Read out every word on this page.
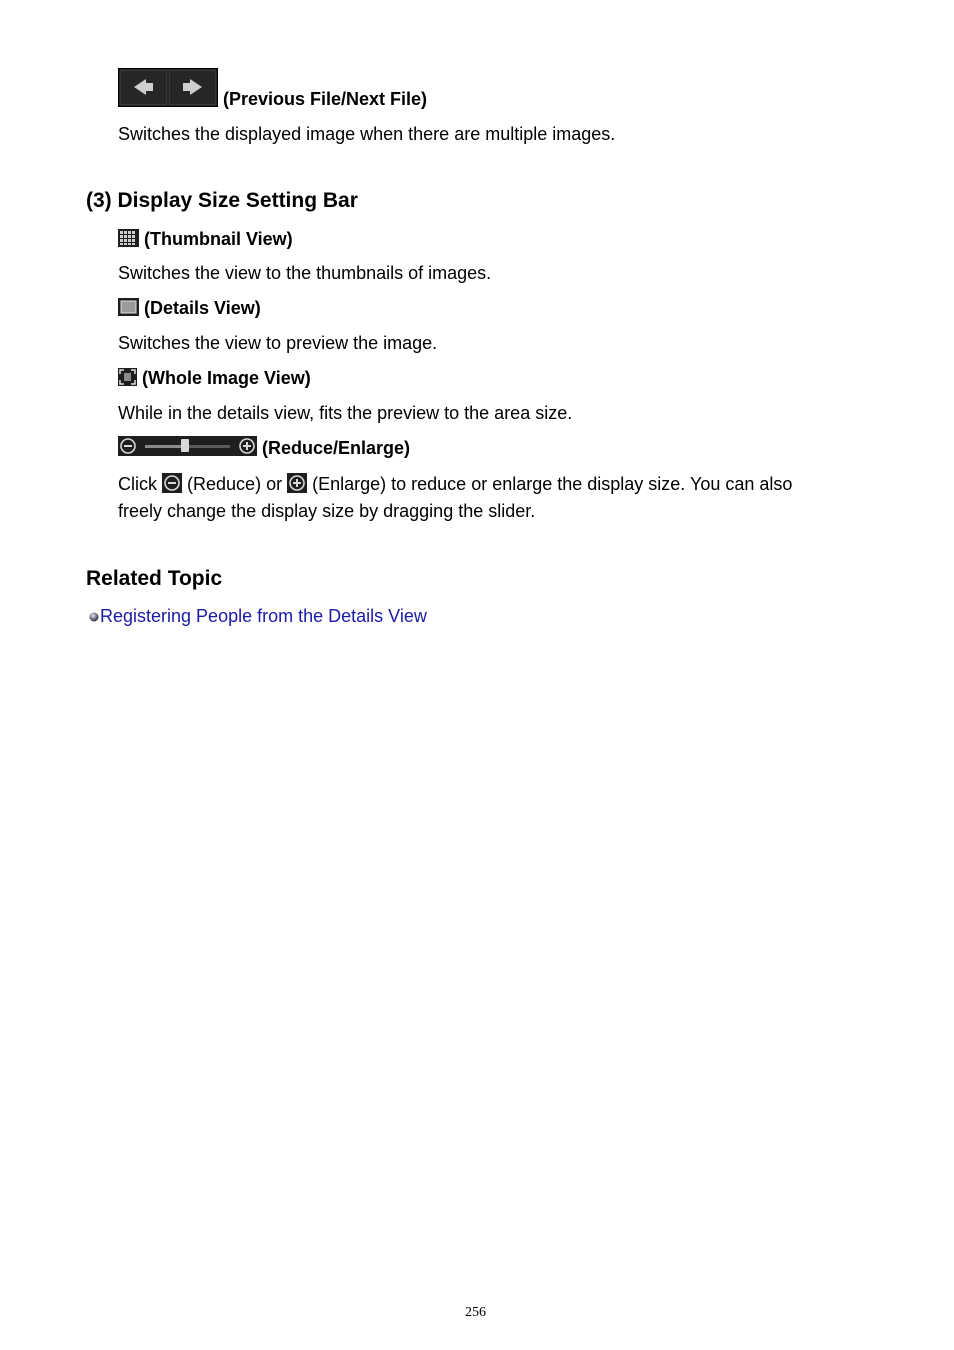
(Previous File/Next File)
Switches the displayed image when there are multiple images.
(3) Display Size Setting Bar
(Thumbnail View)
Switches the view to the thumbnails of images.
(Details View)
Switches the view to preview the image.
(Whole Image View)
While in the details view, fits the preview to the area size.
(Reduce/Enlarge)
Click (Reduce) or (Enlarge) to reduce or enlarge the display size. You can also
freely change the display size by dragging the slider.
Related Topic
Registering People from the Details View
256
